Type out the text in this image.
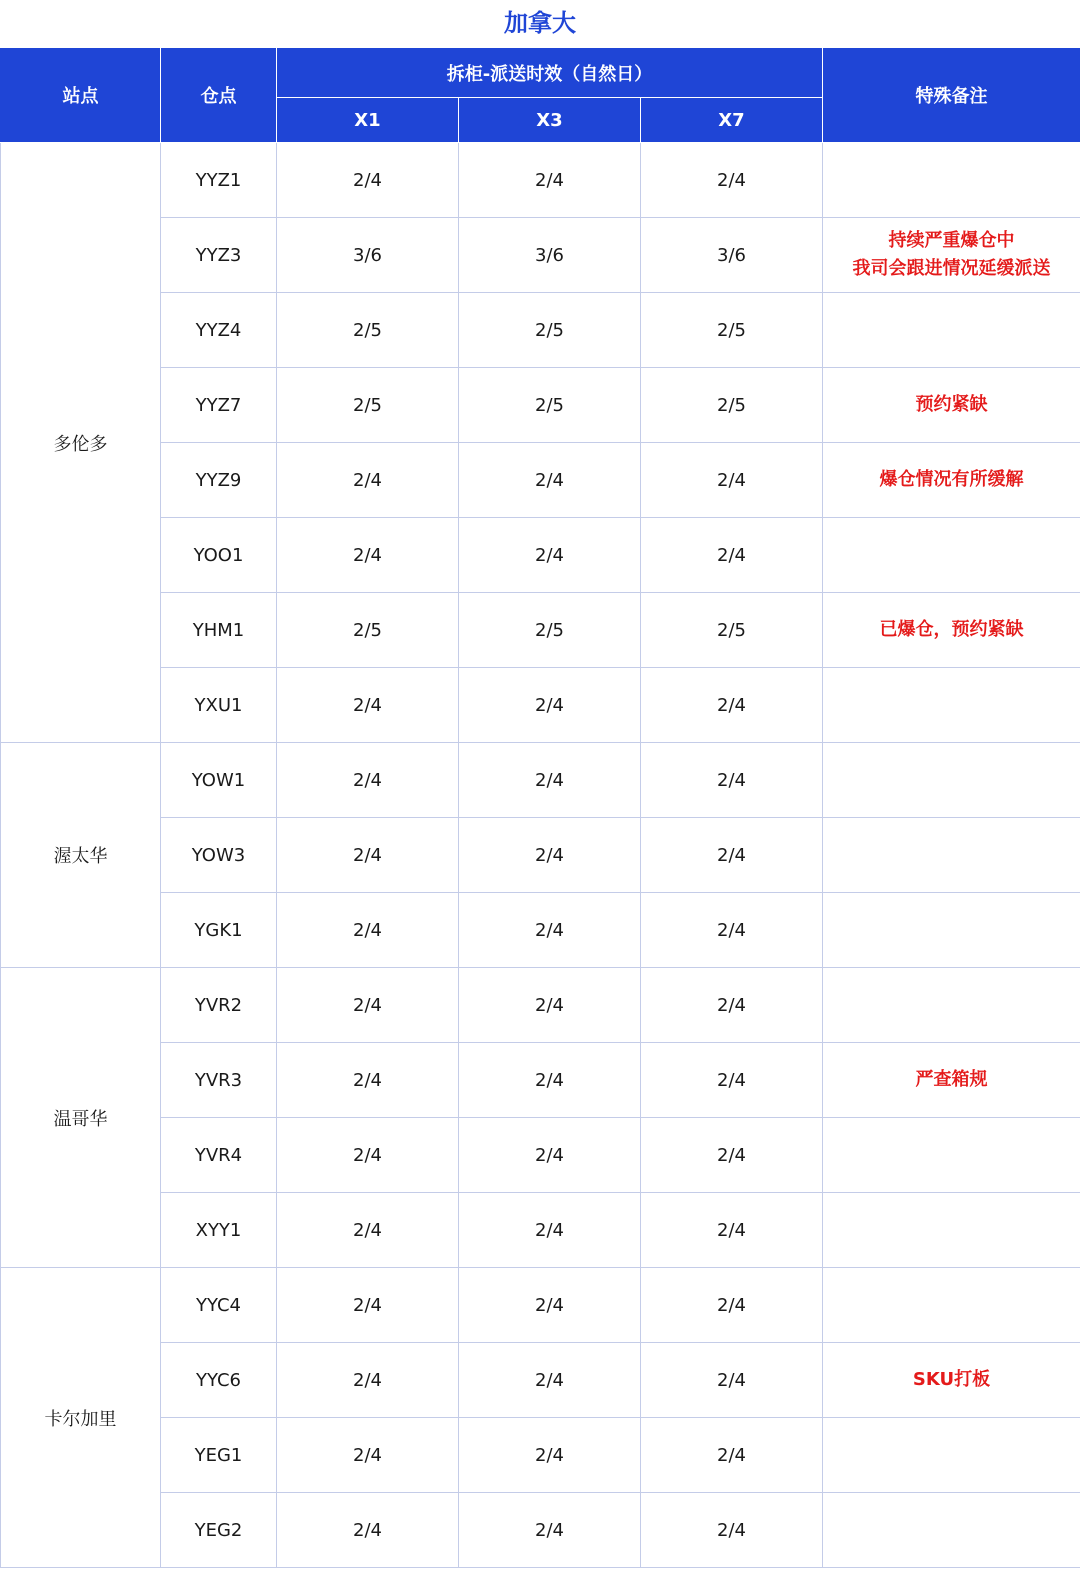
加拿大
站点	仓点	拆柜-派送时效（自然日）			特殊备注
		X1	X3	X7	
多伦多	YYZ1	2/4	2/4	2/4	
	YYZ3	3/6	3/6	3/6	持续严重爆仓中
我司会跟进情况延缓派送

	YYZ4	2/5	2/5	2/5	
	YYZ7	2/5	2/5	2/5	预约紧缺

	YYZ9	2/4	2/4	2/4	爆仓情况有所缓解

	YOO1	2/4	2/4	2/4	
	YHM1	2/5	2/5	2/5	已爆仓，预约紧缺

	YXU1	2/4	2/4	2/4	
渥太华	YOW1	2/4	2/4	2/4	
	YOW3	2/4	2/4	2/4	
	YGK1	2/4	2/4	2/4	
温哥华	YVR2	2/4	2/4	2/4	
	YVR3	2/4	2/4	2/4	严查箱规

	YVR4	2/4	2/4	2/4	
	XYY1	2/4	2/4	2/4	
卡尔加里	YYC4	2/4	2/4	2/4	
	YYC6	2/4	2/4	2/4	SKU打板

	YEG1	2/4	2/4	2/4	
	YEG2	2/4	2/4	2/4	
